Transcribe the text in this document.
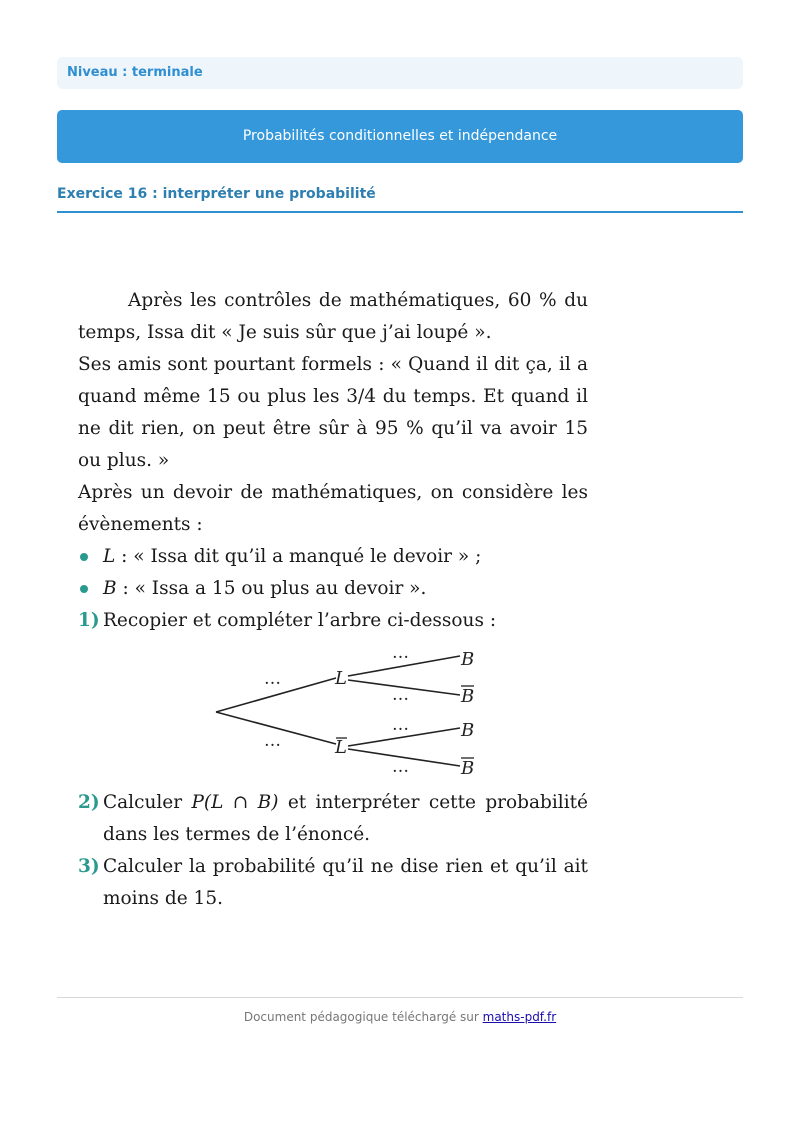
Niveau : terminale
Probabilités conditionnelles et indépendance
Exercice 16 : interpréter une probabilité

Après les contrôles de mathématiques, 60 % du temps, Issa dit « Je suis sûr que j’ai loupé ».

Ses amis sont pourtant formels : « Quand il dit ça, il a quand même 15 ou plus les 3/4 du temps. Et quand il ne dit rien, on peut être sûr à 95 % qu’il va avoir 15 ou plus. »

Après un devoir de mathématiques, on considère les évènements :

L : « Issa dit qu’il a manqué le devoir » ;

B : « Issa a 15 ou plus au devoir ».

1) Recopier et compléter l’arbre ci-dessous :

2) Calculer P(L ∩ B) et interpréter cette probabilité dans les termes de l’énoncé.

3) Calculer la probabilité qu’il ne dise rien et qu’il ait moins de 15.

…
…
…
…
…
…
L
L
B
B
B
B
Document pédagogique téléchargé sur maths-pdf.fr
